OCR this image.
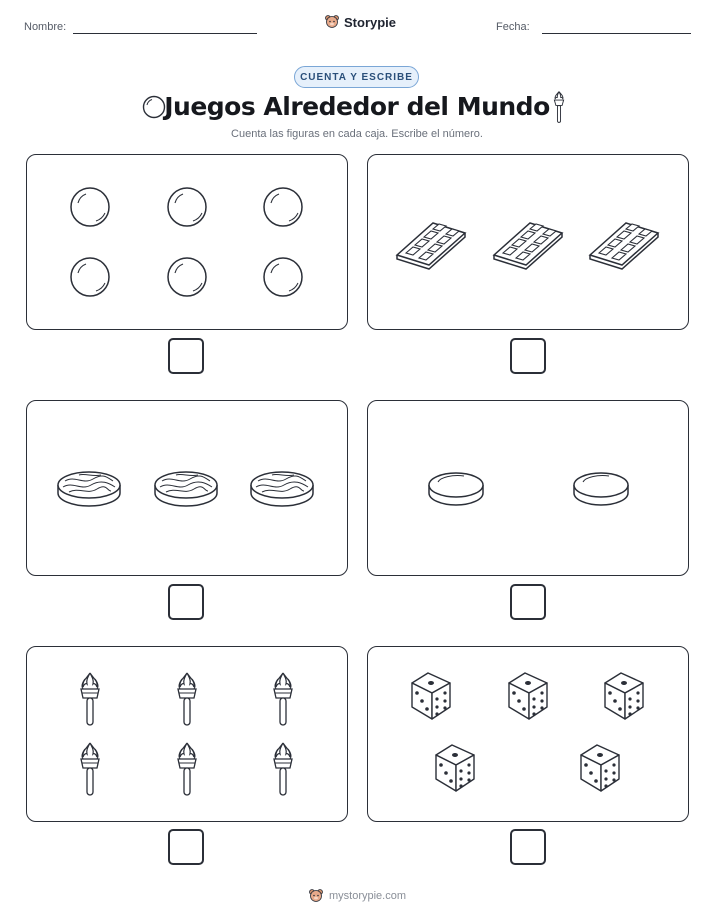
Nombre:	Storypie	Fecha:
CUENTA Y ESCRIBE
Juegos Alrededor del Mundo
Cuenta las figuras en cada caja. Escribe el número.
mystorypie.com
